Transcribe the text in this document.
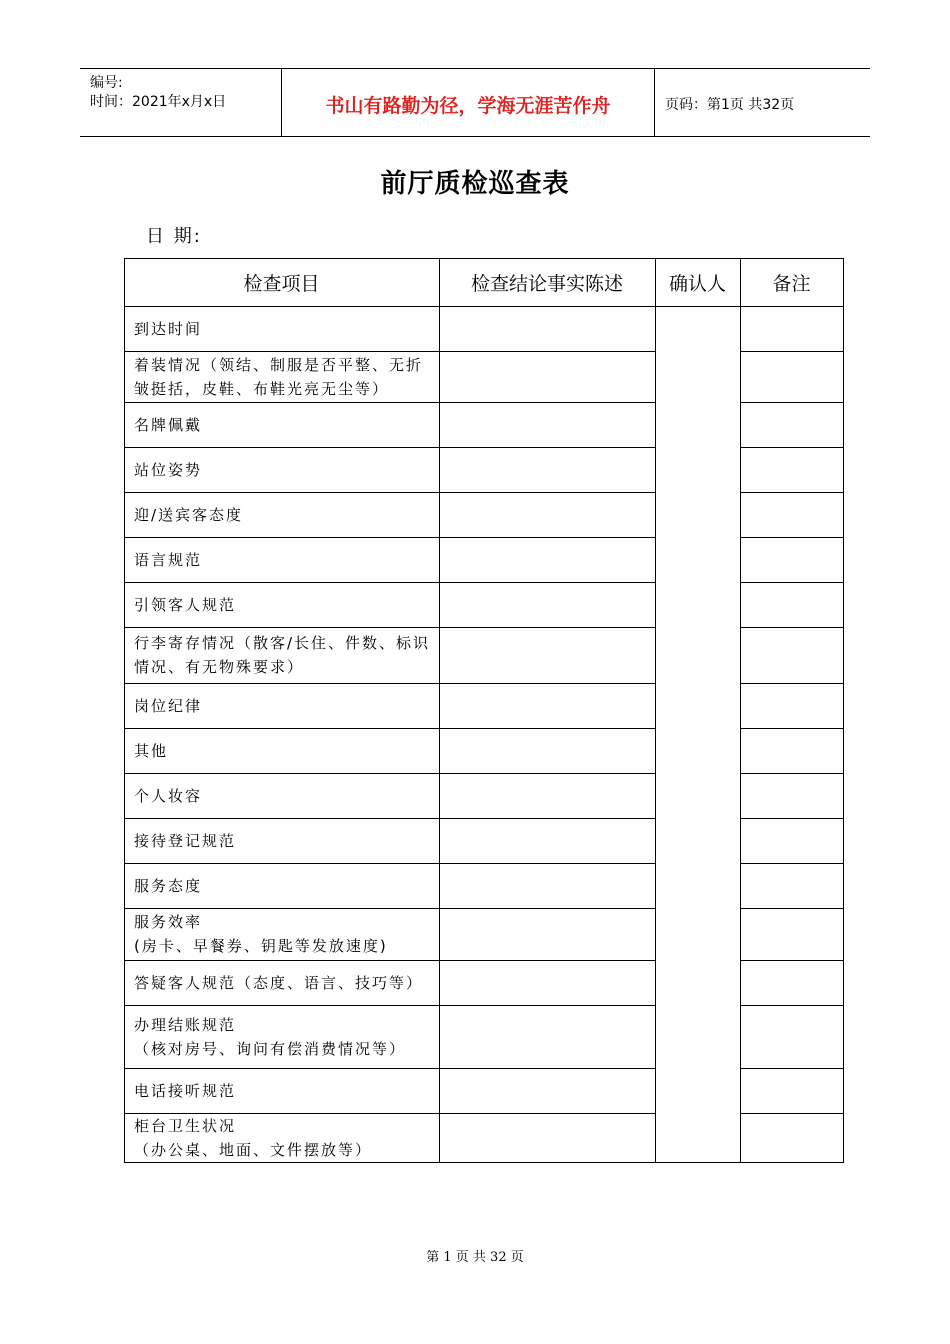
编号:
时间：2021年x月x日	书山有路勤为径，学海无涯苦作舟	页码：第1页 共32页
前厅质检巡查表
日 期:
检查项目	检查结论事实陈述	确认人	备注
到达时间
着装情况（领结、制服是否平整、无折
皱挺括，皮鞋、布鞋光亮无尘等）
名牌佩戴
站位姿势
迎/送宾客态度
语言规范
引领客人规范
行李寄存情况（散客/长住、件数、标识
情况、有无物殊要求）
岗位纪律
其他
个人妆容
接待登记规范
服务态度
服务效率
(房卡、早餐券、钥匙等发放速度)
答疑客人规范（态度、语言、技巧等）
办理结账规范
（核对房号、询问有偿消费情况等）
电话接听规范
柜台卫生状况
（办公桌、地面、文件摆放等）
第 1 页 共 32 页
